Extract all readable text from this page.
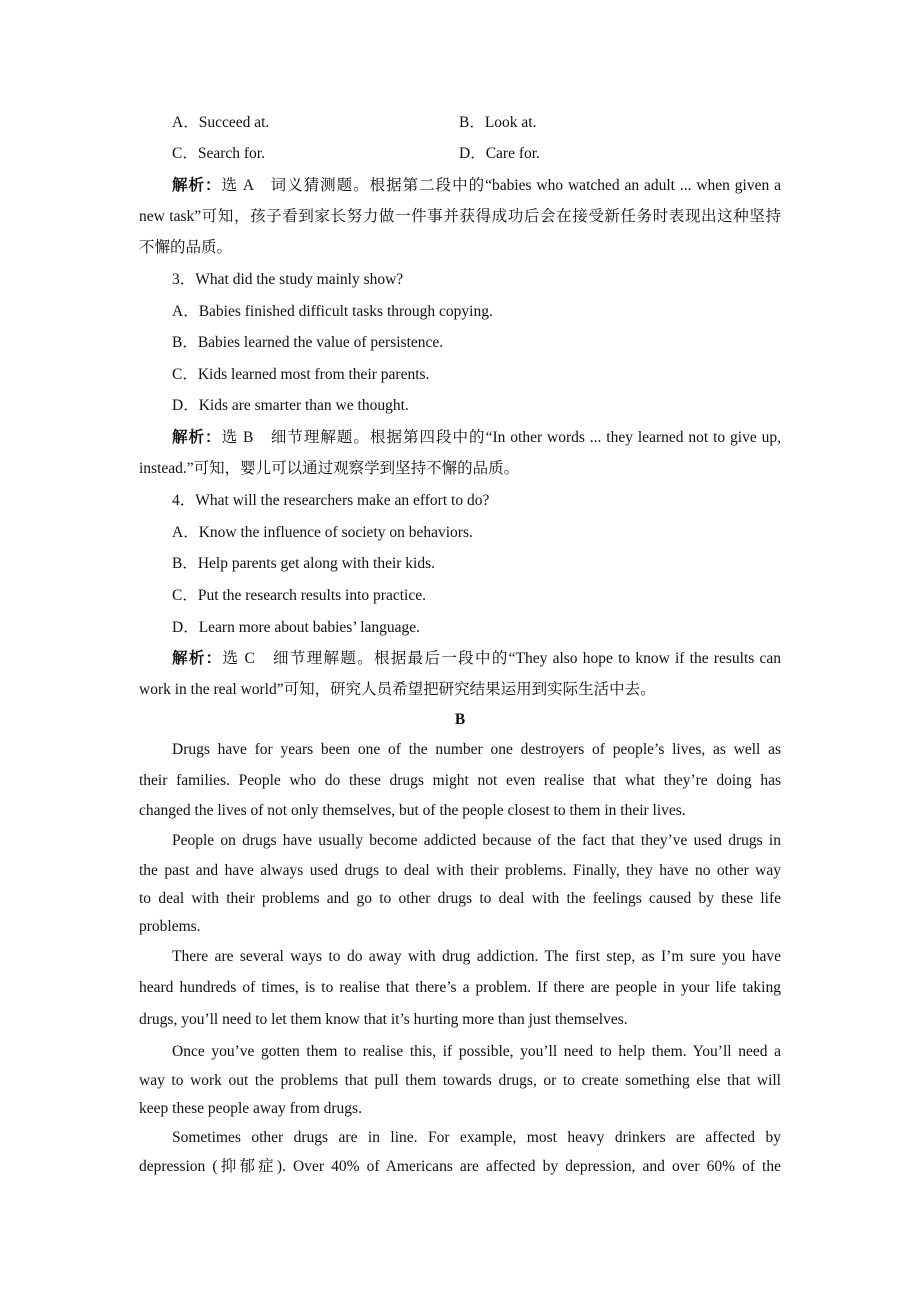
A．Succeed at.	B．Look at.
C．Search for.	D．Care for.
解析：选 A　词义猜测题。根据第二段中的“babies who watched an adult ... when given a
new task”可知，孩子看到家长努力做一件事并获得成功后会在接受新任务时表现出这种坚持
不懈的品质。
3．What did the study mainly show?
A．Babies finished difficult tasks through copying.
B．Babies learned the value of persistence.
C．Kids learned most from their parents.
D．Kids are smarter than we thought.
解析：选 B　细节理解题。根据第四段中的“In other words ... they learned not to give up,
instead.”可知，婴儿可以通过观察学到坚持不懈的品质。
4．What will the researchers make an effort to do?
A．Know the influence of society on behaviors.
B．Help parents get along with their kids.
C．Put the research results into practice.
D．Learn more about babies’ language.
解析：选 C　细节理解题。根据最后一段中的“They also hope to know if the results can
work in the real world”可知，研究人员希望把研究结果运用到实际生活中去。
B
Drugs have for years been one of the number one destroyers of people’s lives, as well as
their families. People who do these drugs might not even realise that what they’re doing has
changed the lives of not only themselves, but of the people closest to them in their lives.
People on drugs have usually become addicted because of the fact that they’ve used drugs in
the past and have always used drugs to deal with their problems. Finally, they have no other way
to deal with their problems and go to other drugs to deal with the feelings caused by these life
problems.
There are several ways to do away with drug addiction. The first step, as I’m sure you have
heard hundreds of times, is to realise that there’s a problem. If there are people in your life taking
drugs, you’ll need to let them know that it’s hurting more than just themselves.
Once you’ve gotten them to realise this, if possible, you’ll need to help them. You’ll need a
way to work out the problems that pull them towards drugs, or to create something else that will
keep these people away from drugs.
Sometimes other drugs are in line. For example, most heavy drinkers are affected by
depression (抑郁症). Over 40% of Americans are affected by depression, and over 60% of the
